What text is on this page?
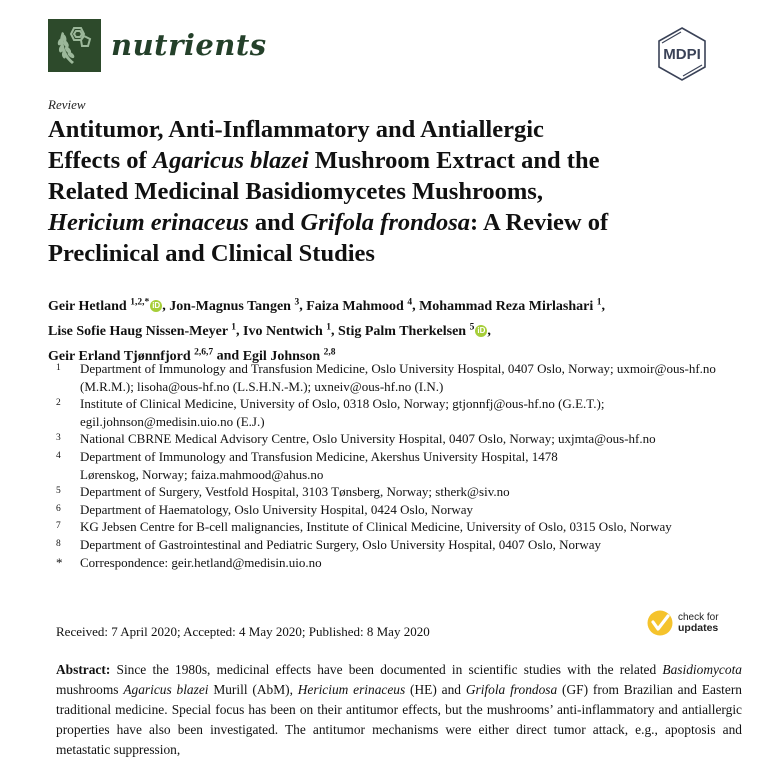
nutrients	MDPI
Review
Antitumor, Anti-Inflammatory and Antiallergic
Effects of Agaricus blazei Mushroom Extract and the
Related Medicinal Basidiomycetes Mushrooms,
Hericium erinaceus and Grifola frondosa: A Review of
Preclinical and Clinical Studies
Geir Hetland $^{1,2,*}$ iD , Jon-Magnus Tangen $^3$, Faiza Mahmood $^4$, Mohammad Reza Mirlashari $^1$,
Lise Sofie Haug Nissen-Meyer $^1$, Ivo Nentwich $^1$, Stig Palm Therkelsen $^5$ iD ,
Geir Erland Tjønnfjord $^{2,6,7}$ and Egil Johnson $^{2,8}$
1	Department of Immunology and Transfusion Medicine, Oslo University Hospital, 0407 Oslo, Norway; uxmoir@ous-hf.no (M.R.M.); lisoha@ous-hf.no (L.S.H.N.-M.); uxneiv@ous-hf.no (I.N.)
2	Institute of Clinical Medicine, University of Oslo, 0318 Oslo, Norway; gtjonnfj@ous-hf.no (G.E.T.); egil.johnson@medisin.uio.no (E.J.)
3	National CBRNE Medical Advisory Centre, Oslo University Hospital, 0407 Oslo, Norway; uxjmta@ous-hf.no
4	Department of Immunology and Transfusion Medicine, Akershus University Hospital, 1478 Lørenskog, Norway; faiza.mahmood@ahus.no
5	Department of Surgery, Vestfold Hospital, 3103 Tønsberg, Norway; stherk@siv.no
6	Department of Haematology, Oslo University Hospital, 0424 Oslo, Norway
7	KG Jebsen Centre for B-cell malignancies, Institute of Clinical Medicine, University of Oslo, 0315 Oslo, Norway
8	Department of Gastrointestinal and Pediatric Surgery, Oslo University Hospital, 0407 Oslo, Norway
*	Correspondence: geir.hetland@medisin.uio.no
Received: 7 April 2020; Accepted: 4 May 2020; Published: 8 May 2020
check for
updates
Abstract: Since the 1980s, medicinal effects have been documented in scientific studies with the related Basidiomycota mushrooms Agaricus blazei Murill (AbM), Hericium erinaceus (HE) and Grifola frondosa (GF) from Brazilian and Eastern traditional medicine. Special focus has been on their antitumor effects, but the mushrooms’ anti-inflammatory and antiallergic properties have also been investigated. The antitumor mechanisms were either direct tumor attack, e.g., apoptosis and metastatic suppression,
